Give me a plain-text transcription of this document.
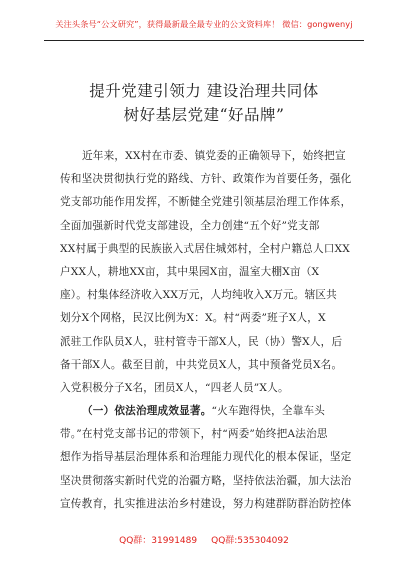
关注头条号“公文研究”，获得最新最全最专业的公文资料库！ 微信：gongwenyj
提升党建引领力 建设治理共同体
树好基层党建“好品牌”
近年来，XX村在市委、镇党委的正确领导下，始终把宣
传和坚决贯彻执行党的路线、方针、政策作为首要任务，强化
党支部功能作用发挥，不断健全党建引领基层治理工作体系，
全面加强新时代党支部建设，全力创建“五个好”党支部
XX村属于典型的民族嵌入式居住城郊村，全村户籍总人口XX
户XX人，耕地XX亩，其中果园X亩，温室大棚X亩（X
座）。村集体经济收入XX万元，人均纯收入X万元。辖区共
划分X个网格，民汉比例为X：X。村“两委”班子X人，X
派驻工作队员X人，驻村管寺干部X人，民（协）警X人，后
备干部X人。截至目前，中共党员X人，其中预备党员X名。
入党积极分子X名，团员X人，“四老人员”X人。
（一）依法治理成效显著。“火车跑得快，全靠车头
带。”在村党支部书记的带领下，村“两委”始终把A法治思
想作为指导基层治理体系和治理能力现代化的根本保证，坚定
坚决贯彻落实新时代党的治疆方略，坚持依法治疆，加大法治
宣传教育，扎实推进法治乡村建设，努力构建群防群治防控体
QQ群：31991489 QQ群:535304092
